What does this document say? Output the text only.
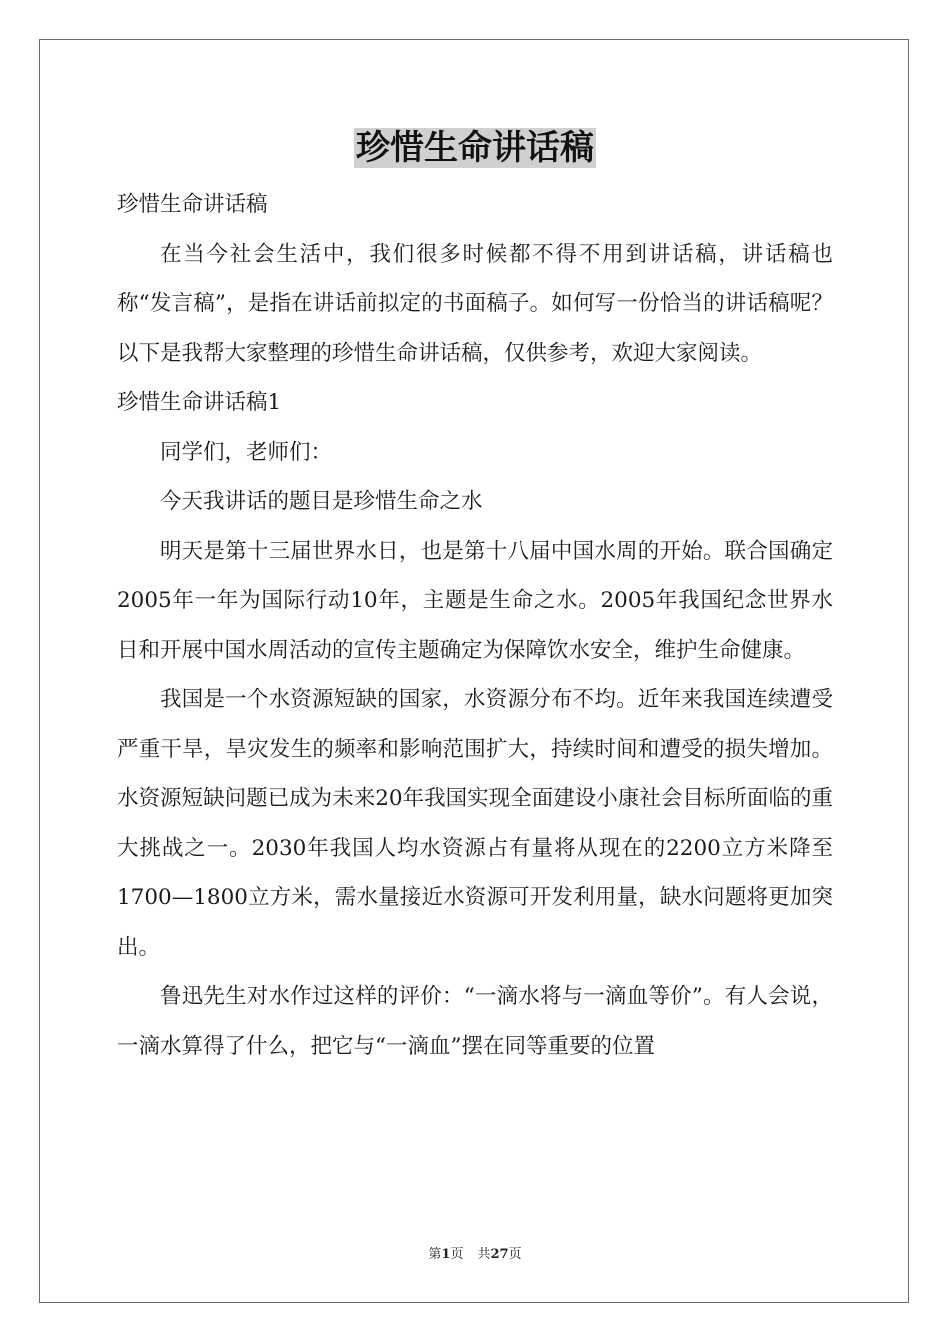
珍惜生命讲话稿

珍惜生命讲话稿

在当今社会生活中，我们很多时候都不得不用到讲话稿，讲话稿也称“发言稿”，是指在讲话前拟定的书面稿子。如何写一份恰当的讲话稿呢？以下是我帮大家整理的珍惜生命讲话稿，仅供参考，欢迎大家阅读。

珍惜生命讲话稿1

同学们，老师们：

今天我讲话的题目是珍惜生命之水

明天是第十三届世界水日，也是第十八届中国水周的开始。联合国确定2005年一年为国际行动10年，主题是生命之水。2005年我国纪念世界水日和开展中国水周活动的宣传主题确定为保障饮水安全，维护生命健康。

我国是一个水资源短缺的国家，水资源分布不均。近年来我国连续遭受严重干旱，旱灾发生的频率和影响范围扩大，持续时间和遭受的损失增加。水资源短缺问题已成为未来20年我国实现全面建设小康社会目标所面临的重大挑战之一。2030年我国人均水资源占有量将从现在的2200立方米降至1700—1800立方米，需水量接近水资源可开发利用量，缺水问题将更加突出。

鲁迅先生对水作过这样的评价：“一滴水将与一滴血等价”。有人会说，一滴水算得了什么，把它与“一滴血”摆在同等重要的位置

第1页 共27页
